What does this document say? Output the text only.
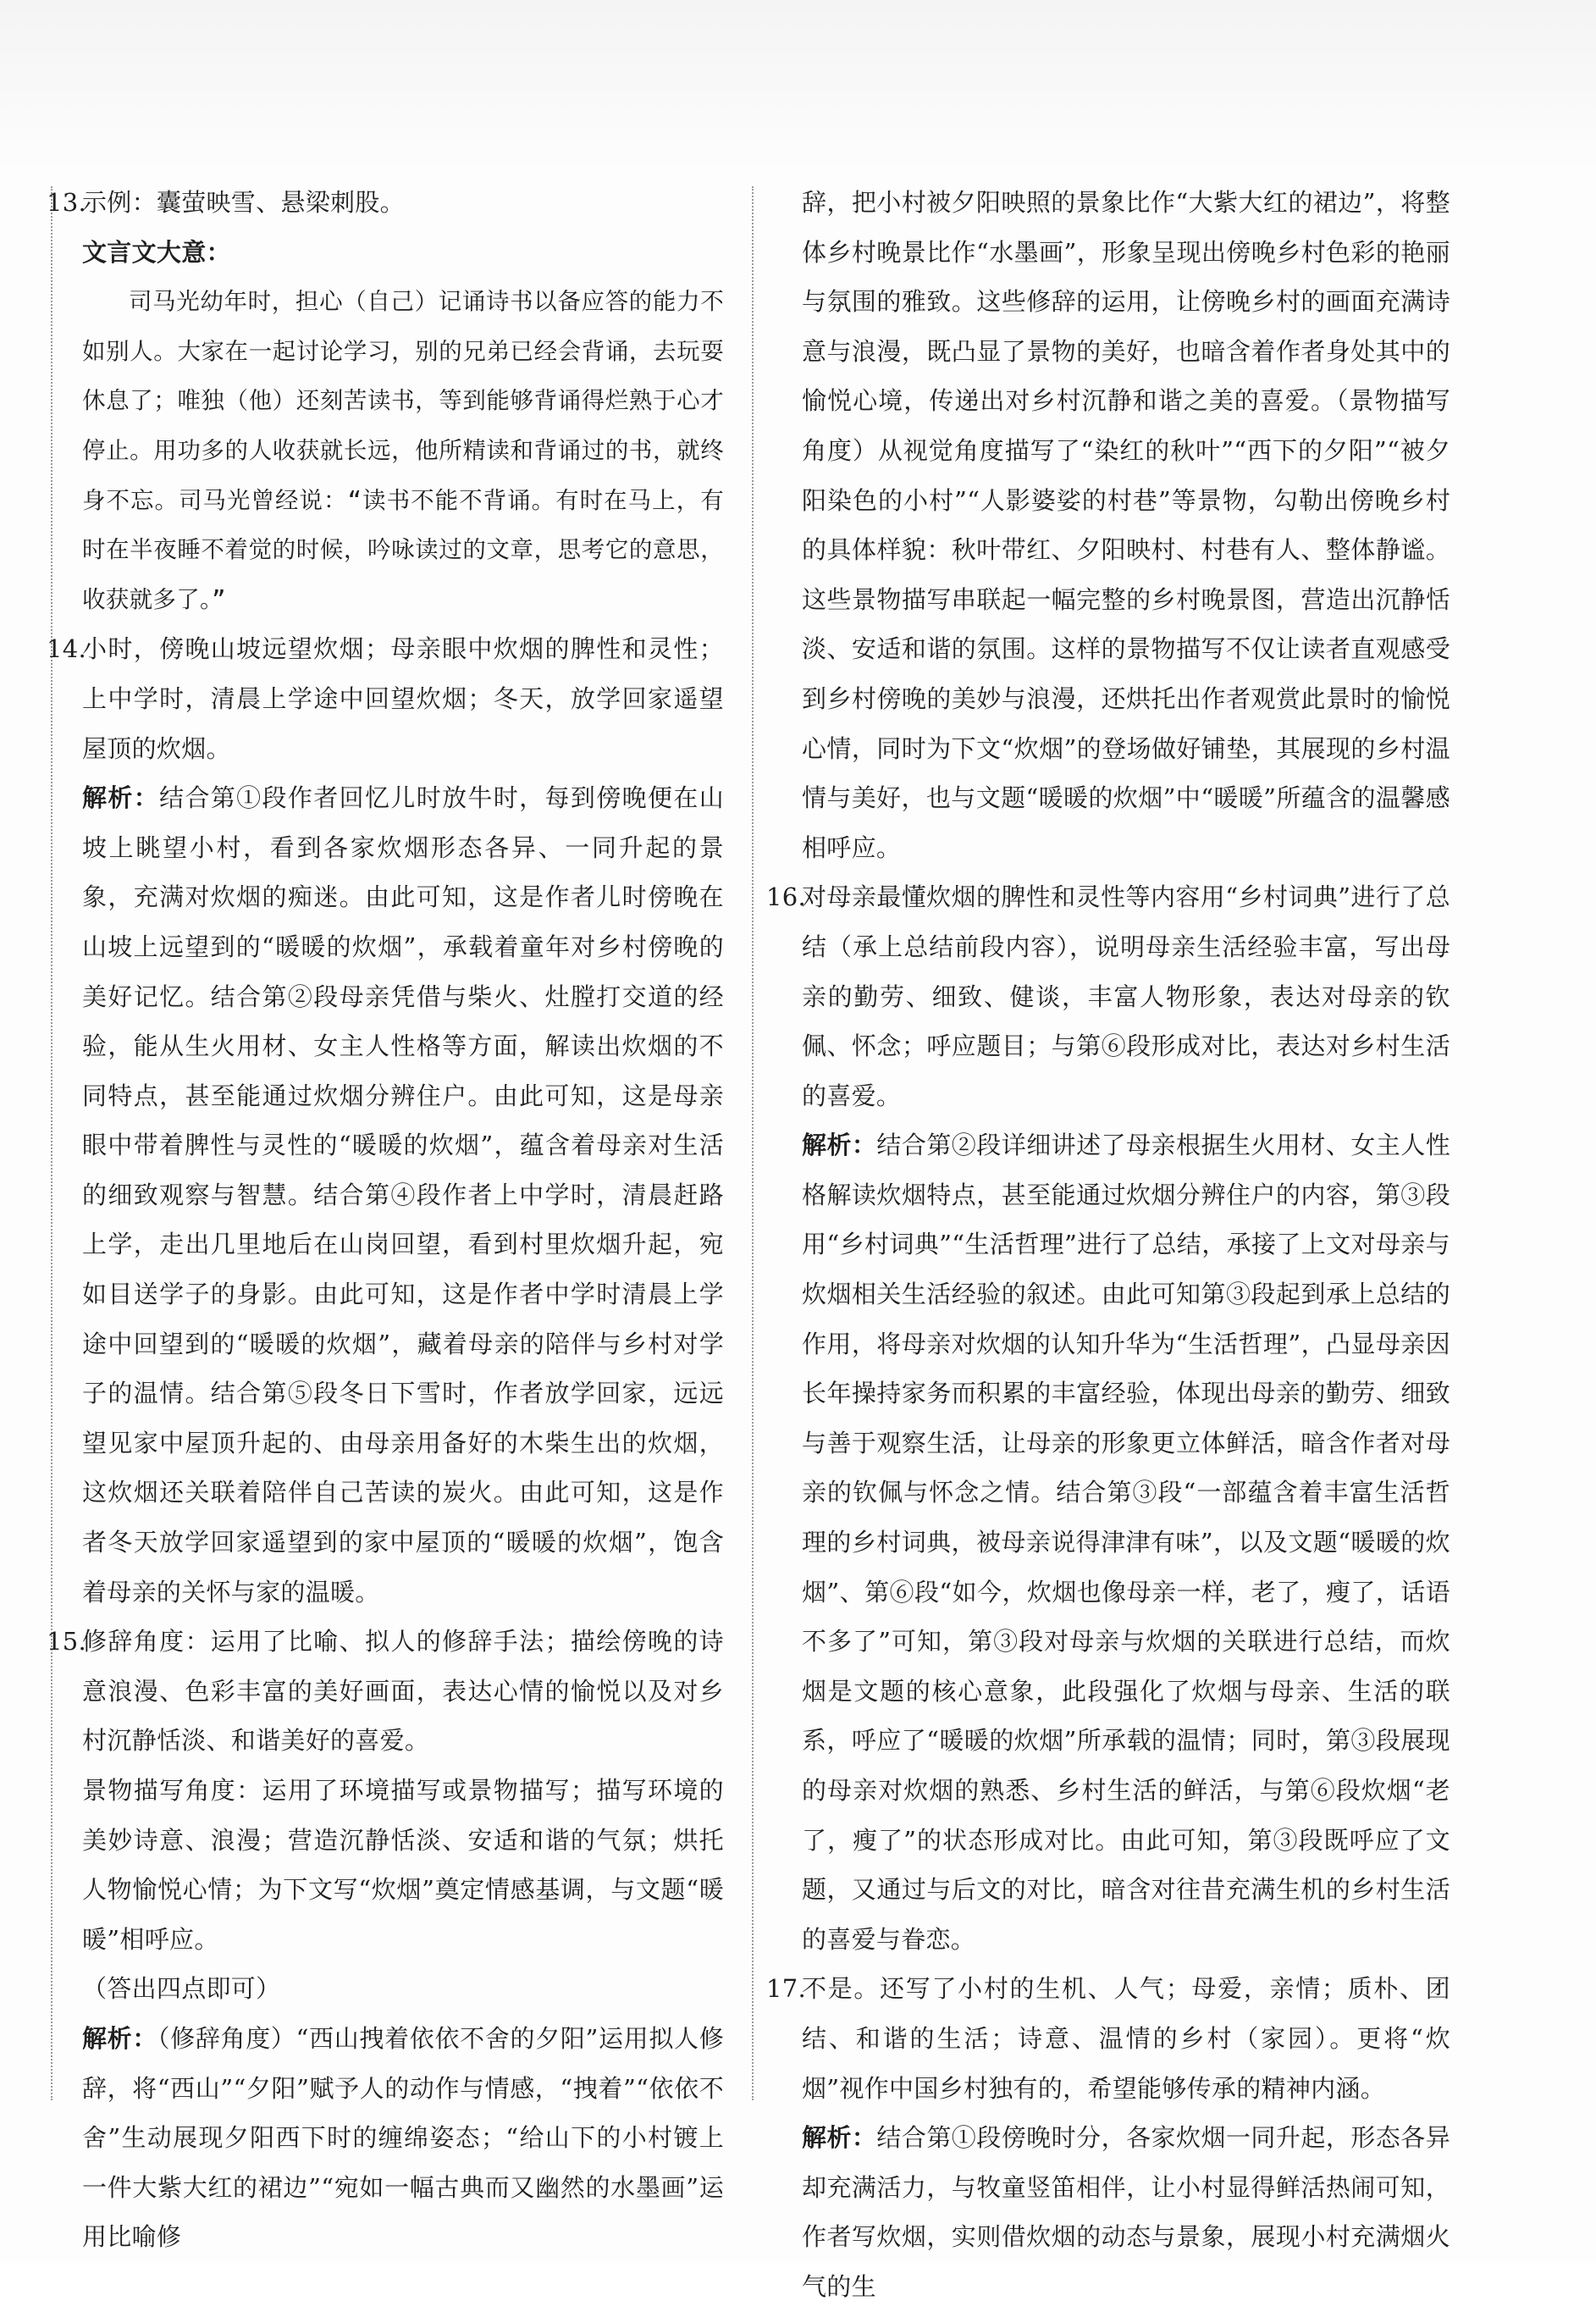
13.
示例：囊萤映雪、悬梁刺股。
文言文大意：
司马光幼年时，担心（自己）记诵诗书以备应答的能力不如别人。大家在一起讨论学习，别的兄弟已经会背诵，去玩耍休息了；唯独（他）还刻苦读书，等到能够背诵得烂熟于心才停止。用功多的人收获就长远，他所精读和背诵过的书，就终身不忘。司马光曾经说：“读书不能不背诵。有时在马上，有时在半夜睡不着觉的时候，吟咏读过的文章，思考它的意思，收获就多了。”
14.
小时，傍晚山坡远望炊烟；母亲眼中炊烟的脾性和灵性；上中学时，清晨上学途中回望炊烟；冬天，放学回家遥望屋顶的炊烟。
解析：结合第①段作者回忆儿时放牛时，每到傍晚便在山坡上眺望小村，看到各家炊烟形态各异、一同升起的景象，充满对炊烟的痴迷。由此可知，这是作者儿时傍晚在山坡上远望到的“暖暖的炊烟”，承载着童年对乡村傍晚的美好记忆。结合第②段母亲凭借与柴火、灶膛打交道的经验，能从生火用材、女主人性格等方面，解读出炊烟的不同特点，甚至能通过炊烟分辨住户。由此可知，这是母亲眼中带着脾性与灵性的“暖暖的炊烟”，蕴含着母亲对生活的细致观察与智慧。结合第④段作者上中学时，清晨赶路上学，走出几里地后在山岗回望，看到村里炊烟升起，宛如目送学子的身影。由此可知，这是作者中学时清晨上学途中回望到的“暖暖的炊烟”，藏着母亲的陪伴与乡村对学子的温情。结合第⑤段冬日下雪时，作者放学回家，远远望见家中屋顶升起的、由母亲用备好的木柴生出的炊烟，这炊烟还关联着陪伴自己苦读的炭火。由此可知，这是作者冬天放学回家遥望到的家中屋顶的“暖暖的炊烟”，饱含着母亲的关怀与家的温暖。
15.
修辞角度：运用了比喻、拟人的修辞手法；描绘傍晚的诗意浪漫、色彩丰富的美好画面，表达心情的愉悦以及对乡村沉静恬淡、和谐美好的喜爱。
景物描写角度：运用了环境描写或景物描写；描写环境的美妙诗意、浪漫；营造沉静恬淡、安适和谐的气氛；烘托人物愉悦心情；为下文写“炊烟”奠定情感基调，与文题“暖暖”相呼应。
（答出四点即可）
解析：（修辞角度）“西山拽着依依不舍的夕阳”运用拟人修辞，将“西山”“夕阳”赋予人的动作与情感，“拽着”“依依不舍”生动展现夕阳西下时的缠绵姿态；“给山下的小村镀上一件大紫大红的裙边”“宛如一幅古典而又幽然的水墨画”运用比喻修
辞，把小村被夕阳映照的景象比作“大紫大红的裙边”，将整体乡村晚景比作“水墨画”，形象呈现出傍晚乡村色彩的艳丽与氛围的雅致。这些修辞的运用，让傍晚乡村的画面充满诗意与浪漫，既凸显了景物的美好，也暗含着作者身处其中的愉悦心境，传递出对乡村沉静和谐之美的喜爱。（景物描写角度）从视觉角度描写了“染红的秋叶”“西下的夕阳”“被夕阳染色的小村”“人影婆娑的村巷”等景物，勾勒出傍晚乡村的具体样貌：秋叶带红、夕阳映村、村巷有人、整体静谧。这些景物描写串联起一幅完整的乡村晚景图，营造出沉静恬淡、安适和谐的氛围。这样的景物描写不仅让读者直观感受到乡村傍晚的美妙与浪漫，还烘托出作者观赏此景时的愉悦心情，同时为下文“炊烟”的登场做好铺垫，其展现的乡村温情与美好，也与文题“暖暖的炊烟”中“暖暖”所蕴含的温馨感相呼应。
16.
对母亲最懂炊烟的脾性和灵性等内容用“乡村词典”进行了总结（承上总结前段内容），说明母亲生活经验丰富，写出母亲的勤劳、细致、健谈，丰富人物形象，表达对母亲的钦佩、怀念；呼应题目；与第⑥段形成对比，表达对乡村生活的喜爱。
解析：结合第②段详细讲述了母亲根据生火用材、女主人性格解读炊烟特点，甚至能通过炊烟分辨住户的内容，第③段用“乡村词典”“生活哲理”进行了总结，承接了上文对母亲与炊烟相关生活经验的叙述。由此可知第③段起到承上总结的作用，将母亲对炊烟的认知升华为“生活哲理”，凸显母亲因长年操持家务而积累的丰富经验，体现出母亲的勤劳、细致与善于观察生活，让母亲的形象更立体鲜活，暗含作者对母亲的钦佩与怀念之情。结合第③段“一部蕴含着丰富生活哲理的乡村词典，被母亲说得津津有味”，以及文题“暖暖的炊烟”、第⑥段“如今，炊烟也像母亲一样，老了，瘦了，话语不多了”可知，第③段对母亲与炊烟的关联进行总结，而炊烟是文题的核心意象，此段强化了炊烟与母亲、生活的联系，呼应了“暖暖的炊烟”所承载的温情；同时，第③段展现的母亲对炊烟的熟悉、乡村生活的鲜活，与第⑥段炊烟“老了，瘦了”的状态形成对比。由此可知，第③段既呼应了文题，又通过与后文的对比，暗含对往昔充满生机的乡村生活的喜爱与眷恋。
17.
不是。还写了小村的生机、人气；母爱，亲情；质朴、团结、和谐的生活；诗意、温情的乡村（家园）。更将“炊烟”视作中国乡村独有的，希望能够传承的精神内涵。
解析：结合第①段傍晚时分，各家炊烟一同升起，形态各异却充满活力，与牧童竖笛相伴，让小村显得鲜活热闹可知，作者写炊烟，实则借炊烟的动态与景象，展现小村充满烟火气的生
